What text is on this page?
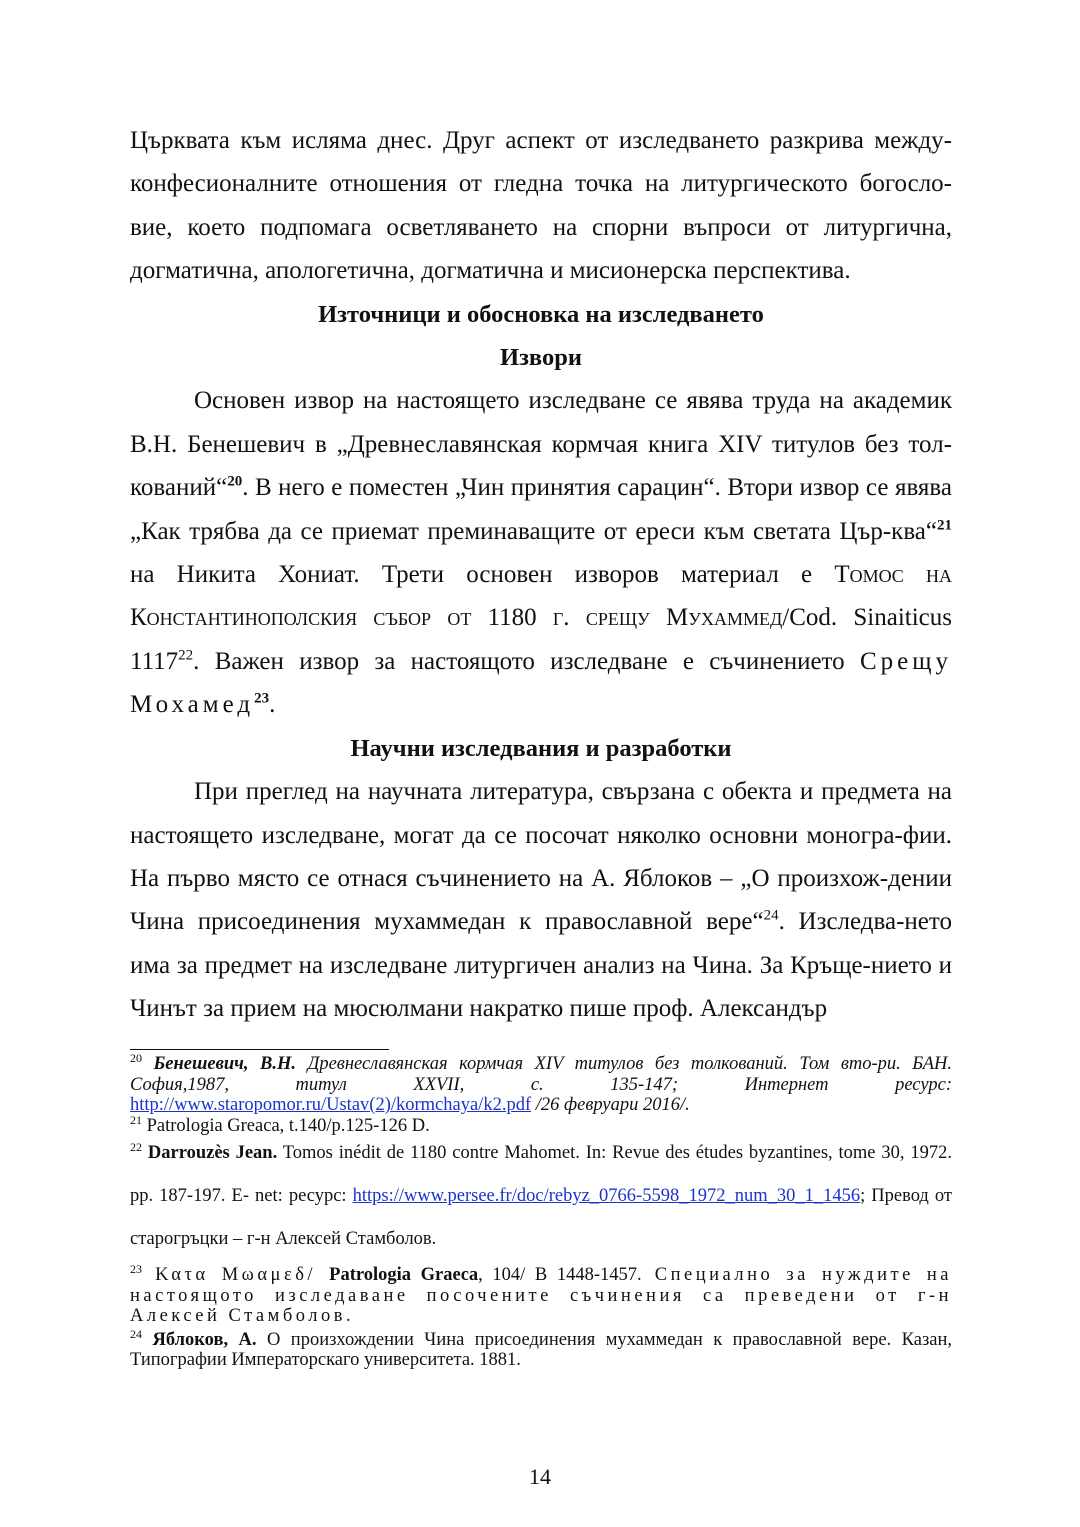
Църквата към исляма днес. Друг аспект от изследването разкрива между-конфесионалните отношения от гледна точка на литургическото богосло-вие, което подпомага осветляването на спорни въпроси от литургична, догматична, апологетична, догматична и мисионерска перспектива.

Източници и обосновка на изследването

Извори

Основен извор на настоящето изследване се явява труда на академик В.Н. Бенешевич в „Древнеславянская кормчая книга XIV титулов без тол-кований“$^{20}$. В него е поместен „Чин принятия сарацин“. Втори извор се явява „Как трябва да се приемат преминаващите от ереси към светата Цър-ква“$^{21}$ на Никита Хониат. Трети основен изворов материал е Томос на Константинополския събор от 1180 г. срещу Мухаммед/Cod. Sinaiticus 1117$^{22}$. Важен извор за настоящото изследване е съчинението Срещу Мохамед$^{23}$.

Научни изследвания и разработки

При преглед на научната литература, свързана с обекта и предмета на настоящето изследване, могат да се посочат няколко основни моногра-фии. На първо място се отнася съчинението на А. Яблоков – „О произхож-дении Чина присоединения мухаммедан к православной вере“$^{24}$. Изследва-нето има за предмет на изследване литургичен анализ на Чина. За Кръще-нието и Чинът за прием на мюсюлмани накратко пише проф. Александър

$^{20}$ Бенешевич, В.Н. Древнеславянская кормчая XIV титулов без толкований. Том вто-ри. БАН. София,1987, титул XXVII, с. 135-147; Интернет ресурс: http://www.staropomor.ru/Ustav(2)/kormchaya/k2.pdf /26 февруари 2016/.

$^{21}$ Patrologia Greaca, t.140/p.125-126 D.

$^{22}$ Darrouzès Jean. Tomos inédit de 1180 contre Mahomet. In: Revue des études byzantines, tome 30, 1972. pp. 187-197. E- net: ресурс: https://www.persee.fr/doc/rebyz_0766-5598_1972_num_30_1_1456; Превод от старогръцки – г-н Алексей Стамболов.

$^{23}$ Κατα Μωαμεδ/ Patrologia Graeca, 104/ B 1448-1457. Специално за нуждите на настоящото изследаване посочените съчинения са преведени от г-н Алексей Стамболов.

$^{24}$ Яблоков, А. О произхождении Чина присоединения мухаммедан к православной вере. Казан, Типографии Императорскаго университета. 1881.

14
